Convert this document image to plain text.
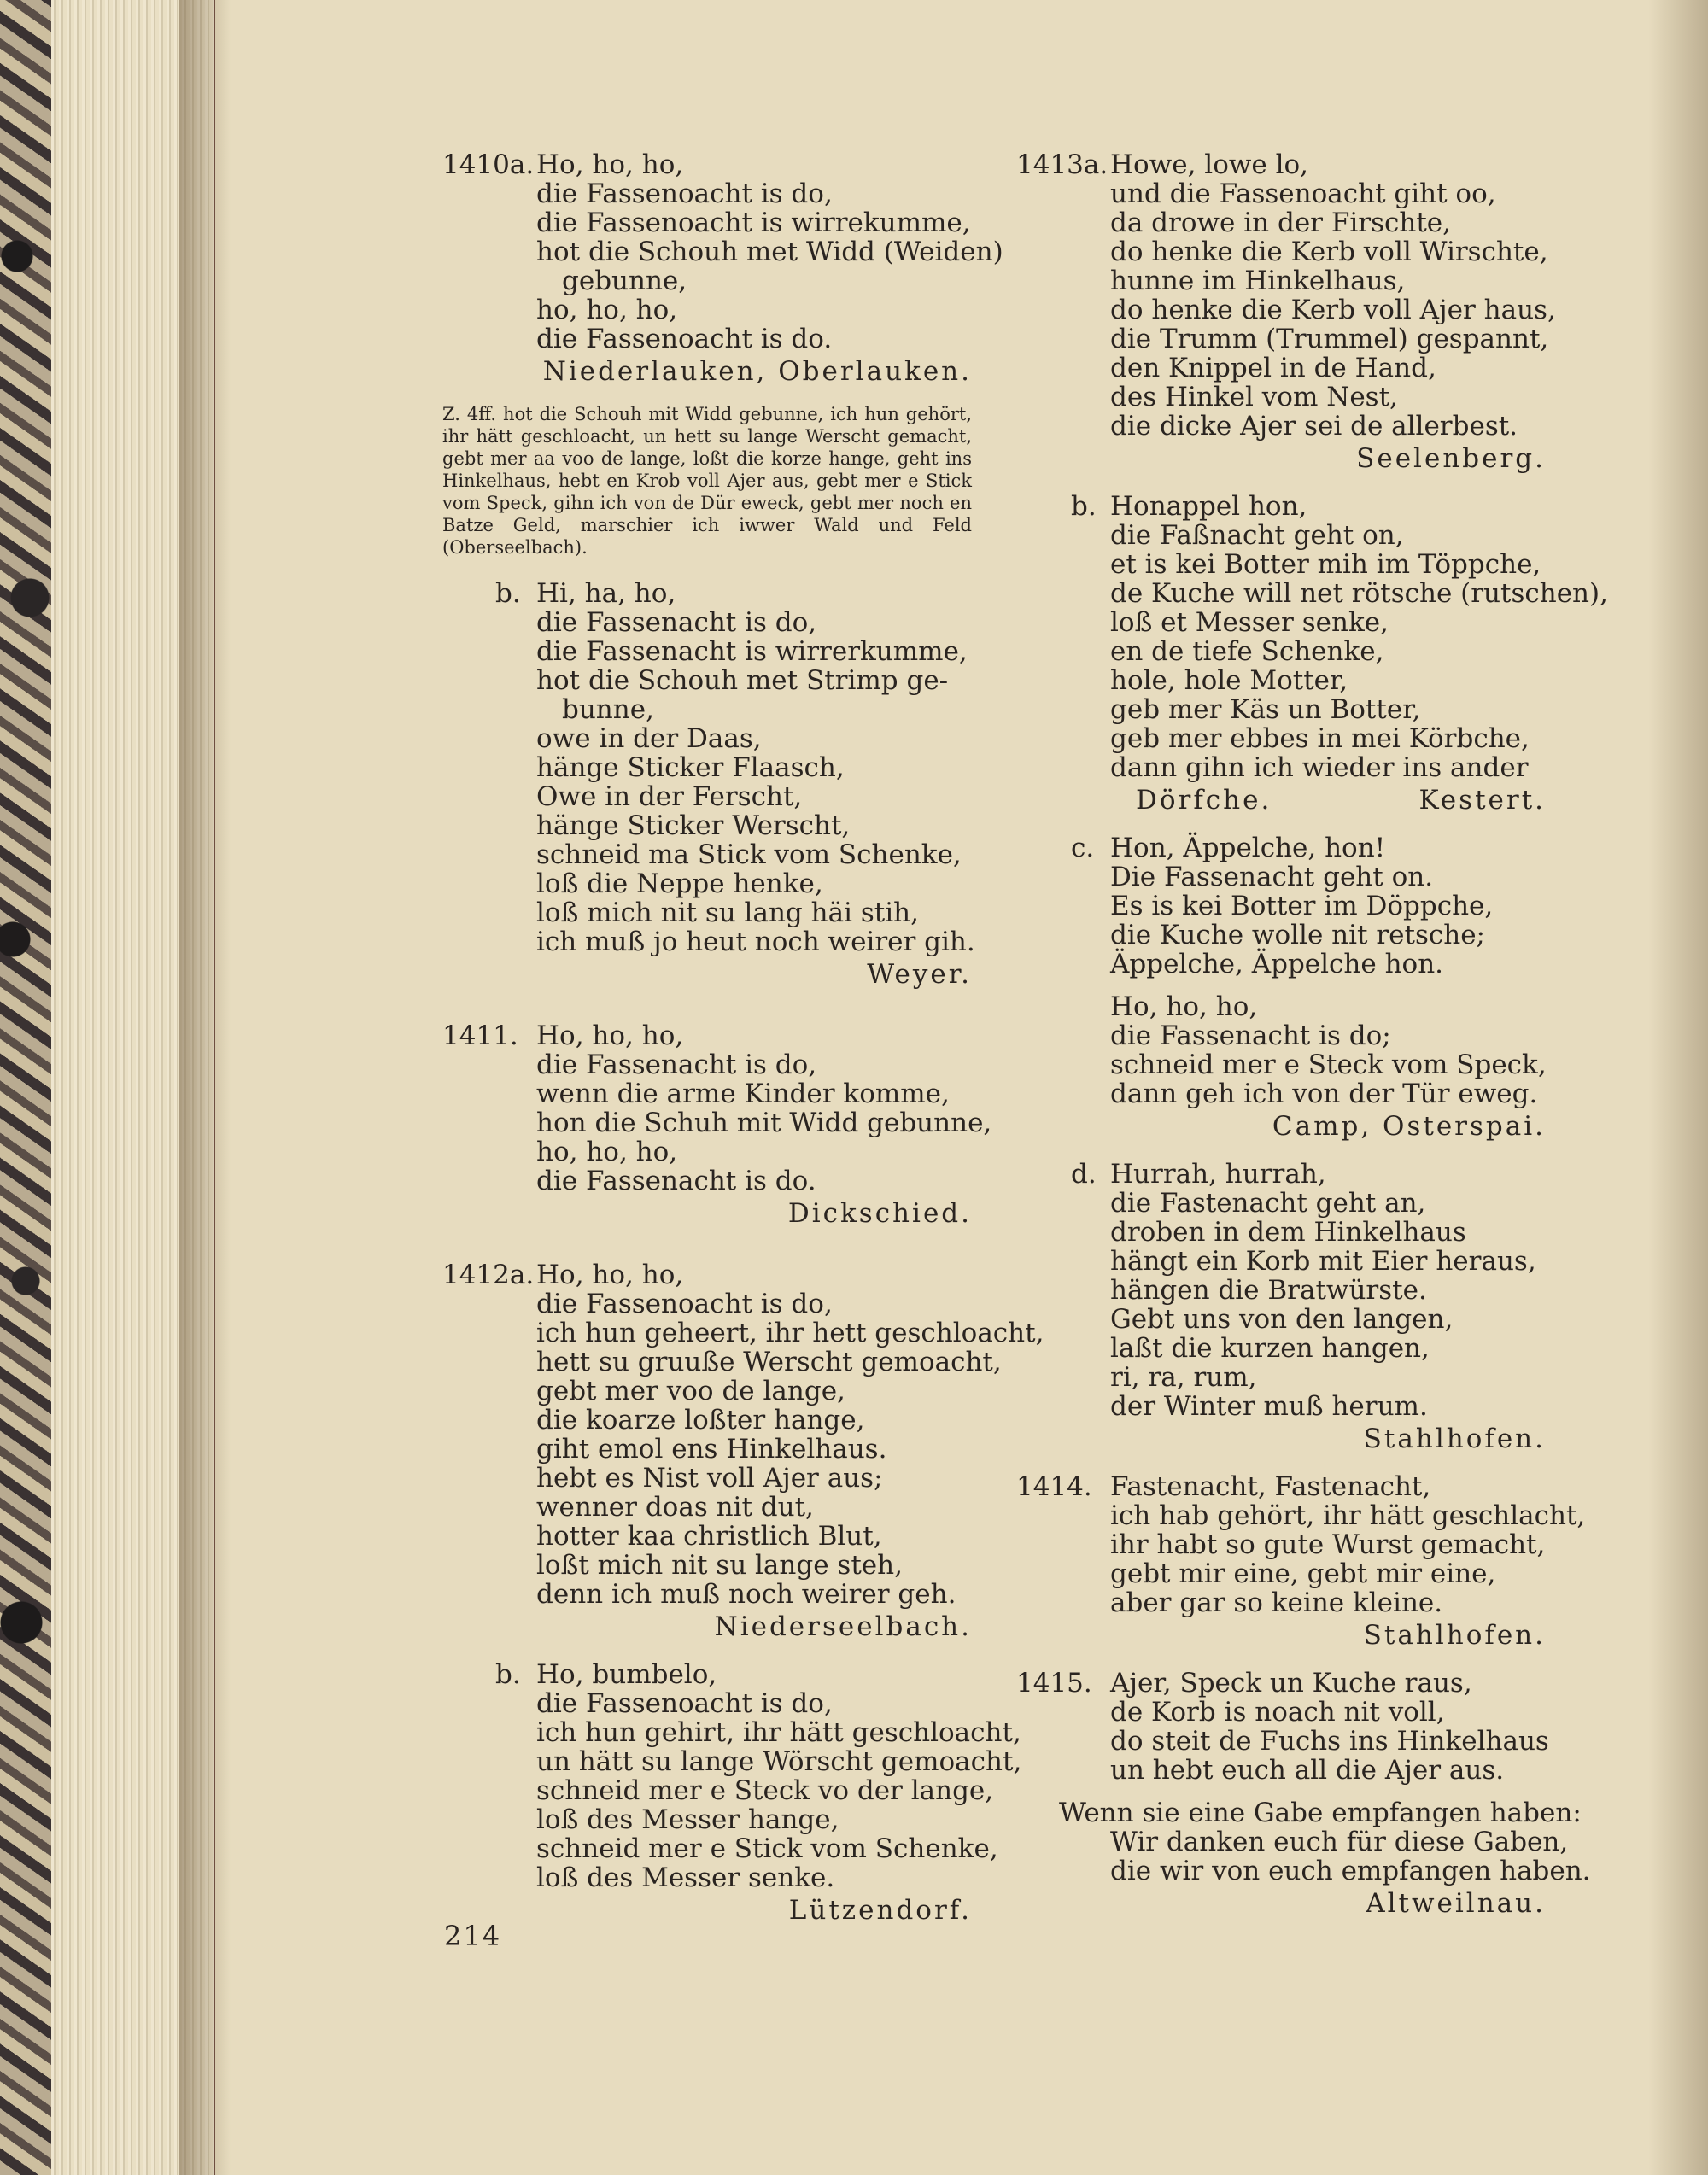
1410a. Ho, ho, ho,
die Fassenoacht is do,
die Fassenoacht is wirrekumme,
hot die Schouh met Widd (Weiden)
gebunne,
ho, ho, ho,
die Fassenoacht is do.
Niederlauken, Oberlauken.
Z. 4ff. hot die Schouh mit Widd gebunne, ich hun gehört, ihr hätt geschloacht, un hett su lange Werscht gemacht, gebt mer aa voo de lange, loßt die korze hange, geht ins Hinkelhaus, hebt en Krob voll Ajer aus, gebt mer e Stick vom Speck, gihn ich von de Dür eweck, gebt mer noch en Batze Geld, marschier ich iwwer Wald und Feld (Oberseelbach).
b. Hi, ha, ho,
die Fassenacht is do,
die Fassenacht is wirrerkumme,
hot die Schouh met Strimp ge-
bunne,
owe in der Daas,
hänge Sticker Flaasch,
Owe in der Ferscht,
hänge Sticker Werscht,
schneid ma Stick vom Schenke,
loß die Neppe henke,
loß mich nit su lang häi stih,
ich muß jo heut noch weirer gih.
Weyer.
1411. Ho, ho, ho,
die Fassenacht is do,
wenn die arme Kinder komme,
hon die Schuh mit Widd gebunne,
ho, ho, ho,
die Fassenacht is do.
Dickschied.
1412a. Ho, ho, ho,
die Fassenoacht is do,
ich hun geheert, ihr hett geschloacht,
hett su gruuße Werscht gemoacht,
gebt mer voo de lange,
die koarze loßter hange,
giht emol ens Hinkelhaus.
hebt es Nist voll Ajer aus;
wenner doas nit dut,
hotter kaa christlich Blut,
loßt mich nit su lange steh,
denn ich muß noch weirer geh.
Niederseelbach.
b. Ho, bumbelo,
die Fassenoacht is do,
ich hun gehirt, ihr hätt geschloacht,
un hätt su lange Wörscht gemoacht,
schneid mer e Steck vo der lange,
loß des Messer hange,
schneid mer e Stick vom Schenke,
loß des Messer senke.
Lützendorf.
214
1413a. Howe, lowe lo,
und die Fassenoacht giht oo,
da drowe in der Firschte,
do henke die Kerb voll Wirschte,
hunne im Hinkelhaus,
do henke die Kerb voll Ajer haus,
die Trumm (Trummel) gespannt,
den Knippel in de Hand,
des Hinkel vom Nest,
die dicke Ajer sei de allerbest.
Seelenberg.
b. Honappel hon,
die Faßnacht geht on,
et is kei Botter mih im Töppche,
de Kuche will net rötsche (rutschen),
loß et Messer senke,
en de tiefe Schenke,
hole, hole Motter,
geb mer Käs un Botter,
geb mer ebbes in mei Körbche,
dann gihn ich wieder ins ander
Dörfche.	Kestert.
c. Hon, Äppelche, hon!
Die Fassenacht geht on.
Es is kei Botter im Döppche,
die Kuche wolle nit retsche;
Äppelche, Äppelche hon.
Ho, ho, ho,
die Fassenacht is do;
schneid mer e Steck vom Speck,
dann geh ich von der Tür eweg.
Camp, Osterspai.
d. Hurrah, hurrah,
die Fastenacht geht an,
droben in dem Hinkelhaus
hängt ein Korb mit Eier heraus,
hängen die Bratwürste.
Gebt uns von den langen,
laßt die kurzen hangen,
ri, ra, rum,
der Winter muß herum.
Stahlhofen.
1414. Fastenacht, Fastenacht,
ich hab gehört, ihr hätt geschlacht,
ihr habt so gute Wurst gemacht,
gebt mir eine, gebt mir eine,
aber gar so keine kleine.
Stahlhofen.
1415. Ajer, Speck un Kuche raus,
de Korb is noach nit voll,
do steit de Fuchs ins Hinkelhaus
un hebt euch all die Ajer aus.
Wenn sie eine Gabe empfangen haben:
Wir danken euch für diese Gaben,
die wir von euch empfangen haben.
Altweilnau.
